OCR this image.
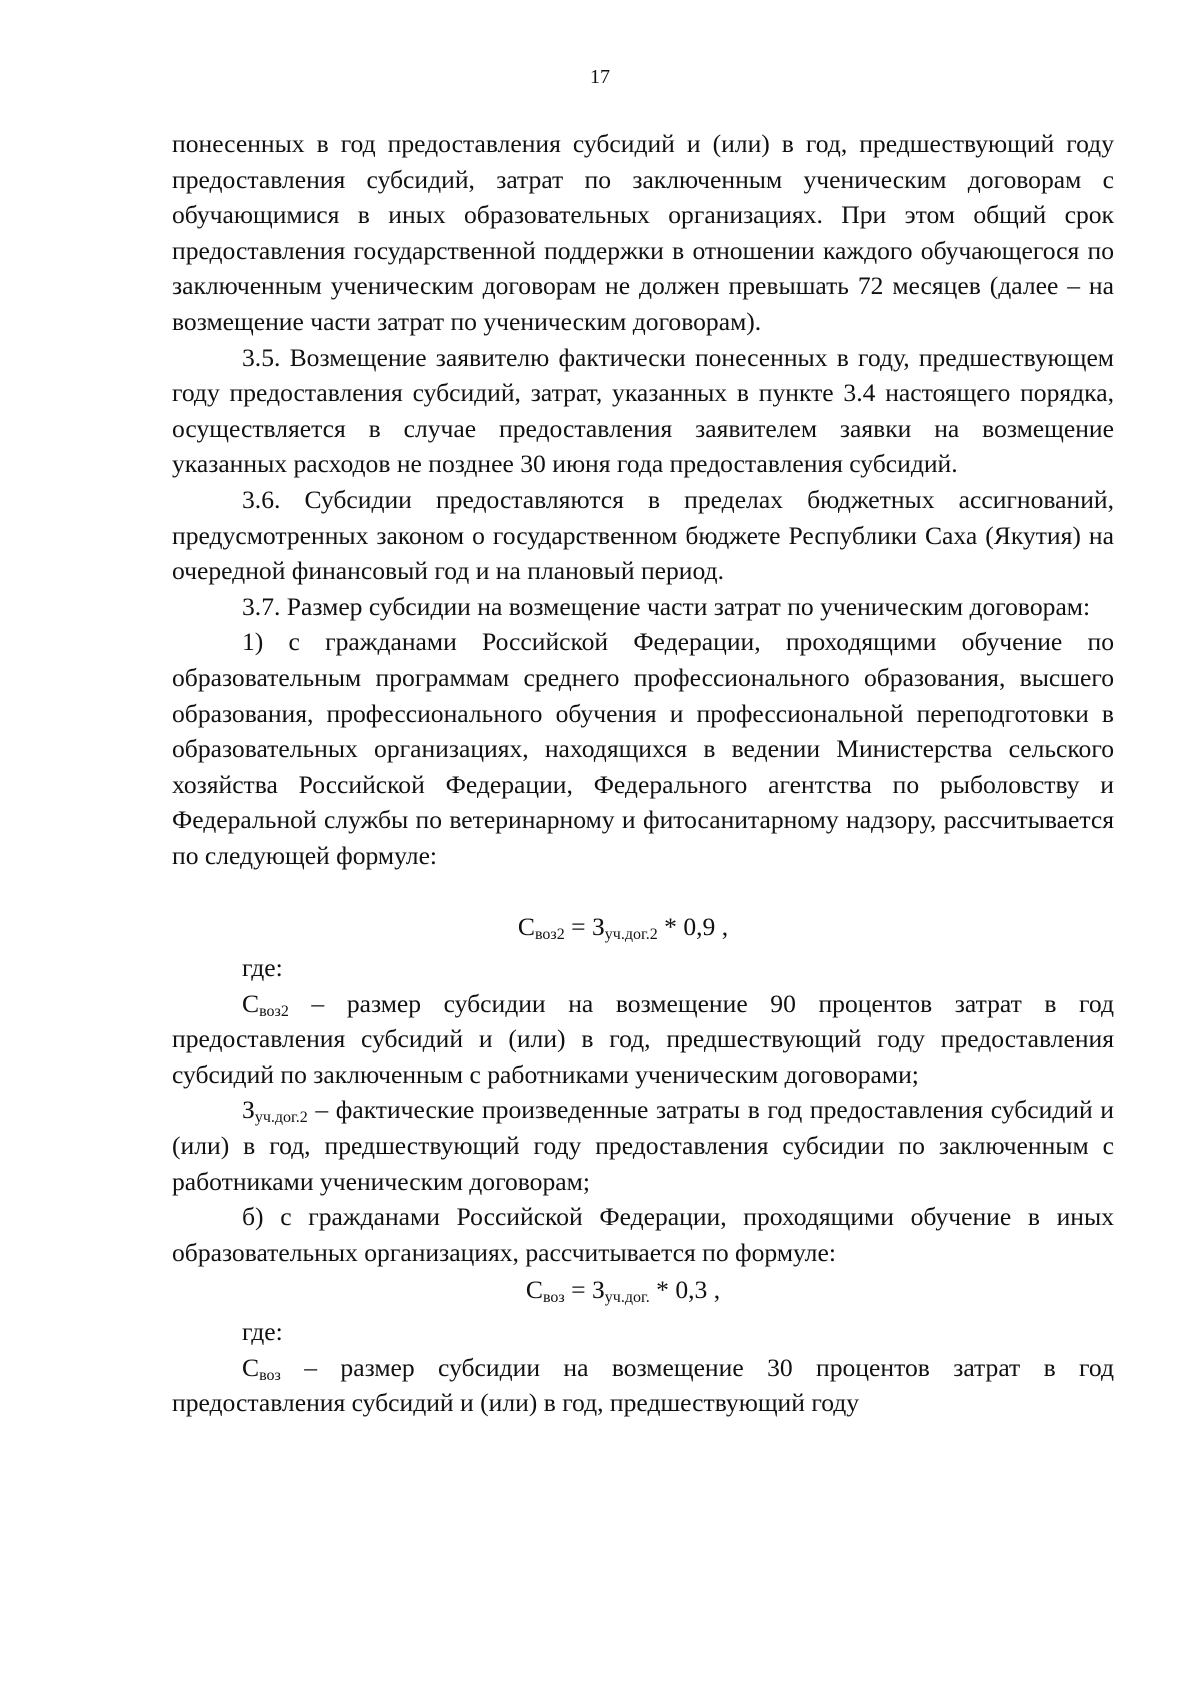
17

понесенных в год предоставления субсидий и (или) в год, предшествующий году предоставления субсидий, затрат по заключенным ученическим договорам с обучающимися в иных образовательных организациях. При этом общий срок предоставления государственной поддержки в отношении каждого обучающегося по заключенным ученическим договорам не должен превышать 72 месяцев (далее – на возмещение части затрат по ученическим договорам).

3.5. Возмещение заявителю фактически понесенных в году, предшествующем году предоставления субсидий, затрат, указанных в пункте 3.4 настоящего порядка, осуществляется в случае предоставления заявителем заявки на возмещение указанных расходов не позднее 30 июня года предоставления субсидий.

3.6. Субсидии предоставляются в пределах бюджетных ассигнований, предусмотренных законом о государственном бюджете Республики Саха (Якутия) на очередной финансовый год и на плановый период.

3.7. Размер субсидии на возмещение части затрат по ученическим договорам:

1) с гражданами Российской Федерации, проходящими обучение по образовательным программам среднего профессионального образования, высшего образования, профессионального обучения и профессиональной переподготовки в образовательных организациях, находящихся в ведении Министерства сельского хозяйства Российской Федерации, Федерального агентства по рыболовству и Федеральной службы по ветеринарному и фитосанитарному надзору, рассчитывается по следующей формуле:

$С_{воз2} = З_{уч.дог.2} * 0,9$ ,

где:

$С_{воз2}$ – размер субсидии на возмещение 90 процентов затрат в год предоставления субсидий и (или) в год, предшествующий году предоставления субсидий по заключенным с работниками ученическим договорами;

$З_{уч.дог.2}$ – фактические произведенные затраты в год предоставления субсидий и (или) в год, предшествующий году предоставления субсидии по заключенным с работниками ученическим договорам;

б) с гражданами Российской Федерации, проходящими обучение в иных образовательных организациях, рассчитывается по формуле:

$С_{воз} = З_{уч.дог.} * 0,3$ ,

где:

$С_{воз}$ – размер субсидии на возмещение 30 процентов затрат в год предоставления субсидий и (или) в год, предшествующий году
